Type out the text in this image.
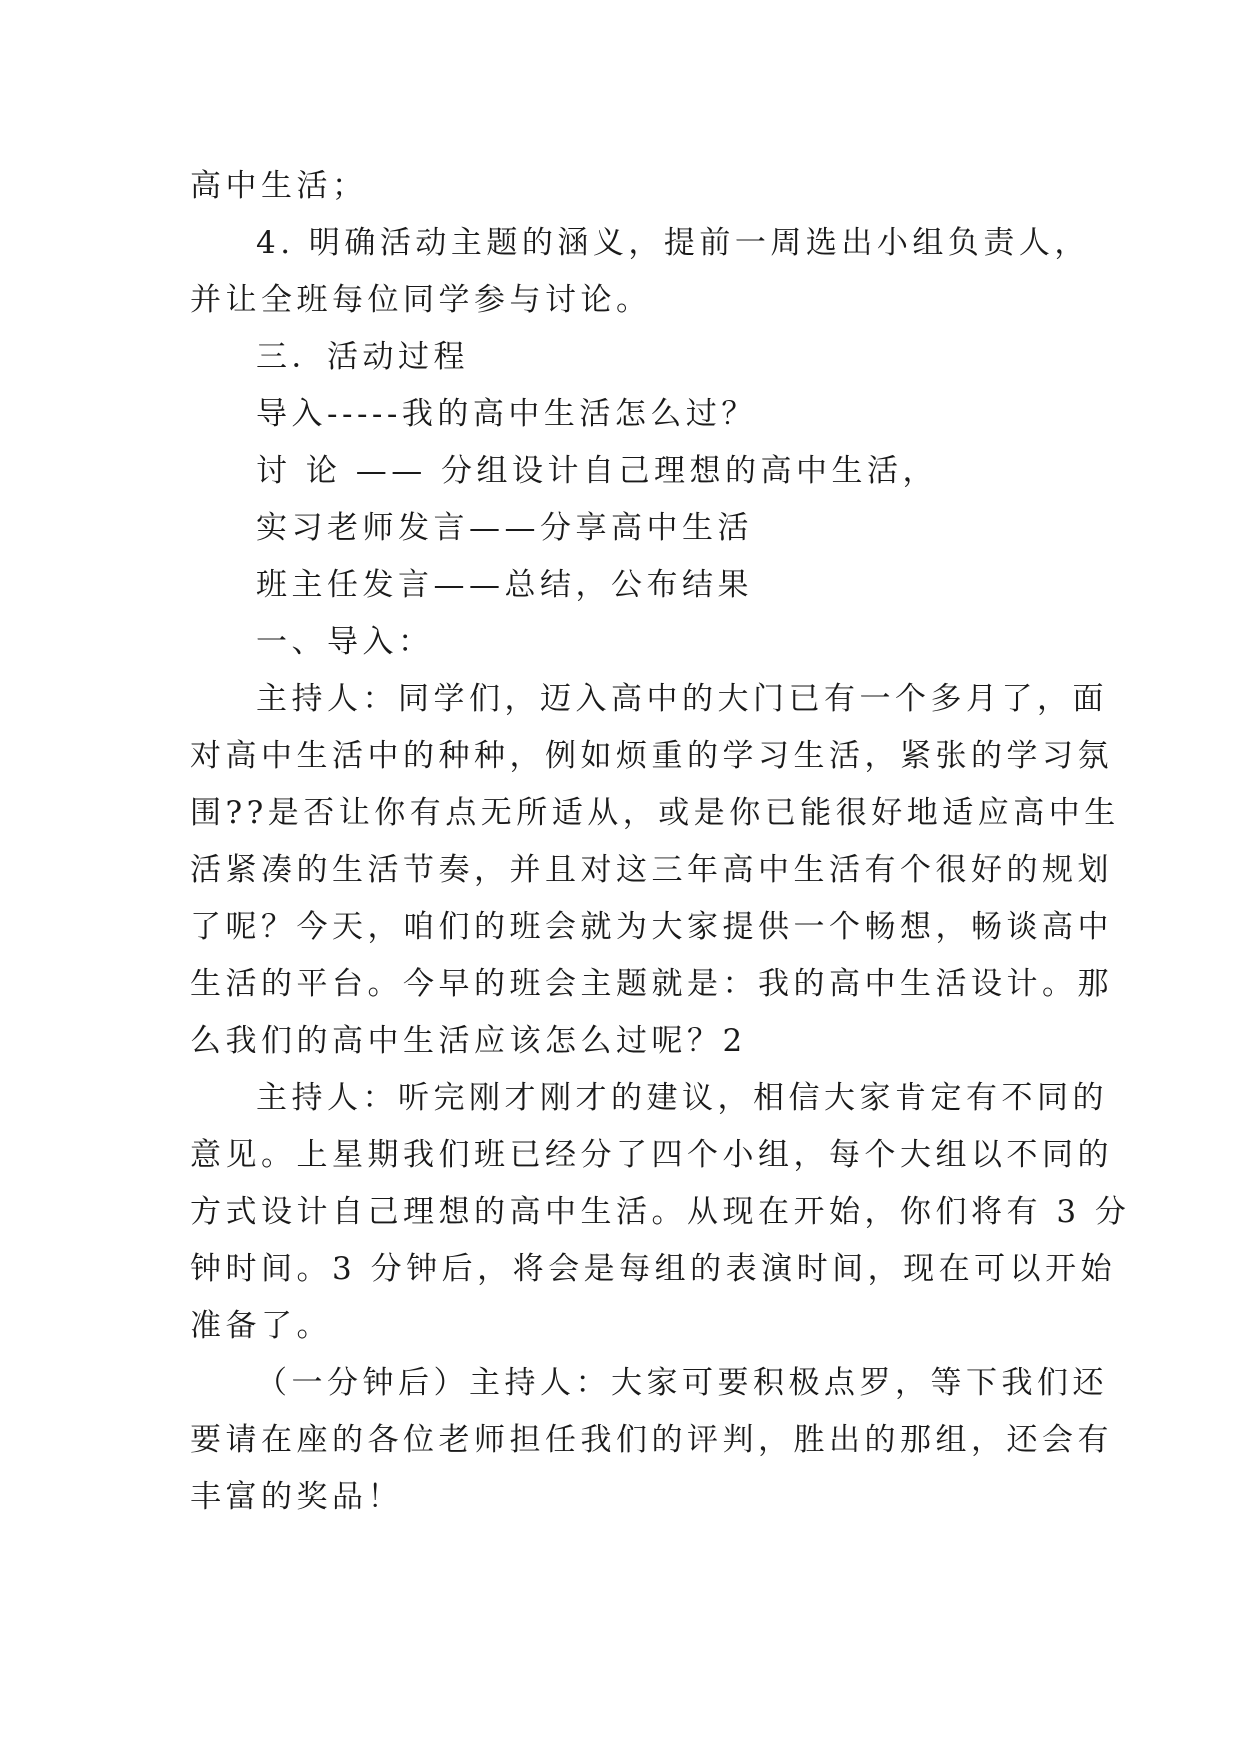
高中生活；
4. 明确活动主题的涵义，提前一周选出小组负责人，
并让全班每位同学参与讨论。
三．活动过程
导入-----我的高中生活怎么过？
讨 论 —— 分组设计自己理想的高中生活，
实习老师发言——分享高中生活
班主任发言——总结，公布结果
一、导入：
主持人：同学们，迈入高中的大门已有一个多月了，面
对高中生活中的种种，例如烦重的学习生活，紧张的学习氛
围??是否让你有点无所适从，或是你已能很好地适应高中生
活紧凑的生活节奏，并且对这三年高中生活有个很好的规划
了呢？今天，咱们的班会就为大家提供一个畅想，畅谈高中
生活的平台。今早的班会主题就是：我的高中生活设计。那
么我们的高中生活应该怎么过呢？2
主持人：听完刚才刚才的建议，相信大家肯定有不同的
意见。上星期我们班已经分了四个小组，每个大组以不同的
方式设计自己理想的高中生活。从现在开始，你们将有 3 分
钟时间。3 分钟后，将会是每组的表演时间，现在可以开始
准备了。
（一分钟后）主持人：大家可要积极点罗，等下我们还
要请在座的各位老师担任我们的评判，胜出的那组，还会有
丰富的奖品！
